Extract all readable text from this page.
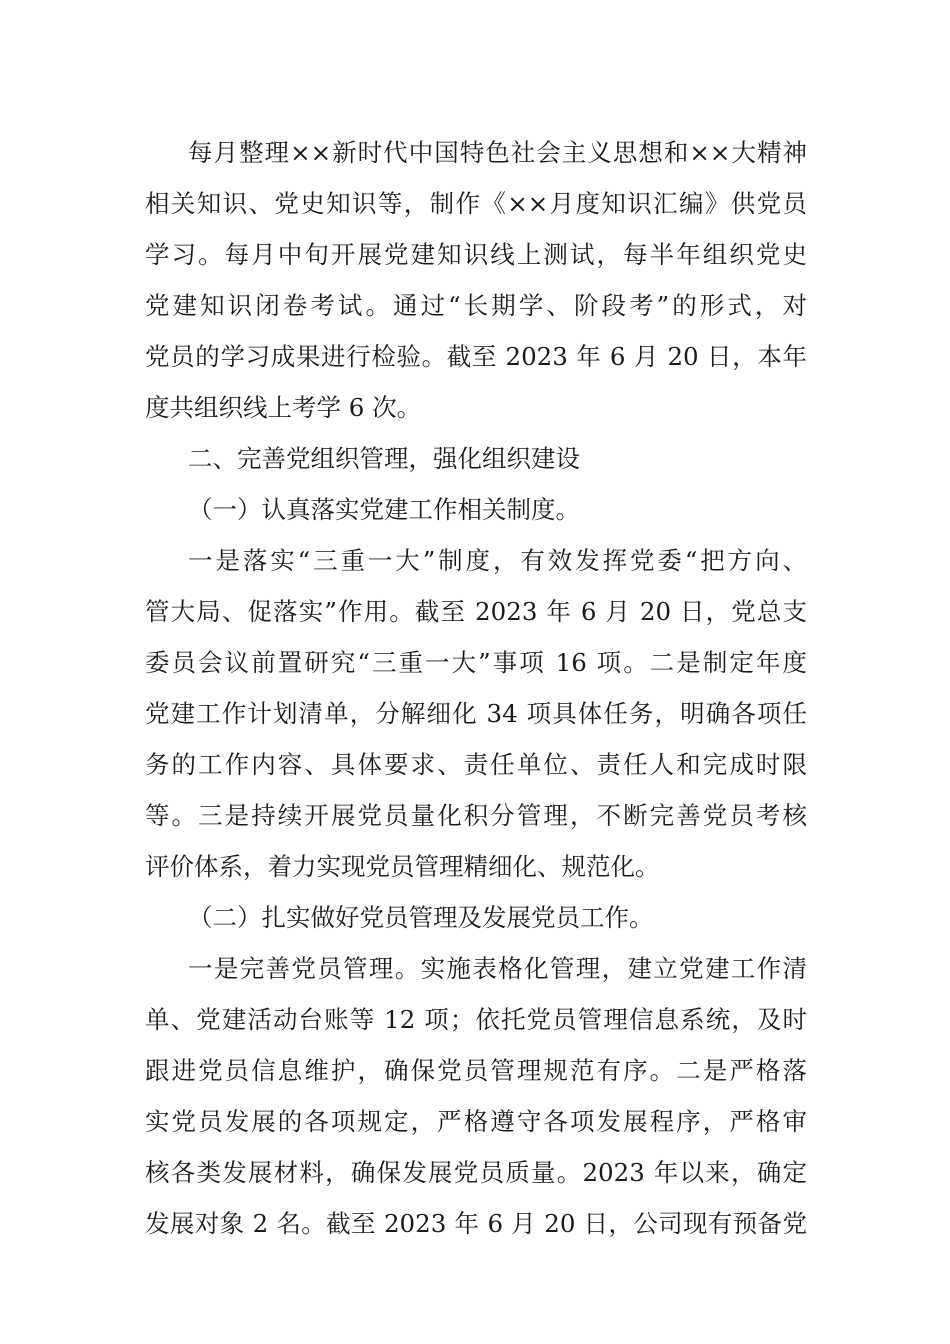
每月整理××新时代中国特色社会主义思想和××大精神
相关知识、党史知识等，制作《××月度知识汇编》供党员
学习。每月中旬开展党建知识线上测试，每半年组织党史
党建知识闭卷考试。通过“长期学、阶段考”的形式，对
党员的学习成果进行检验。截至 2023 年 6 月 20 日，本年
度共组织线上考学 6 次。
二、完善党组织管理，强化组织建设
（一）认真落实党建工作相关制度。
一是落实“三重一大”制度，有效发挥党委“把方向、
管大局、促落实”作用。截至 2023 年 6 月 20 日，党总支
委员会议前置研究“三重一大”事项 16 项。二是制定年度
党建工作计划清单，分解细化 34 项具体任务，明确各项任
务的工作内容、具体要求、责任单位、责任人和完成时限
等。三是持续开展党员量化积分管理，不断完善党员考核
评价体系，着力实现党员管理精细化、规范化。
（二）扎实做好党员管理及发展党员工作。
一是完善党员管理。实施表格化管理，建立党建工作清
单、党建活动台账等 12 项；依托党员管理信息系统，及时
跟进党员信息维护，确保党员管理规范有序。二是严格落
实党员发展的各项规定，严格遵守各项发展程序，严格审
核各类发展材料，确保发展党员质量。2023 年以来，确定
发展对象 2 名。截至 2023 年 6 月 20 日，公司现有预备党
